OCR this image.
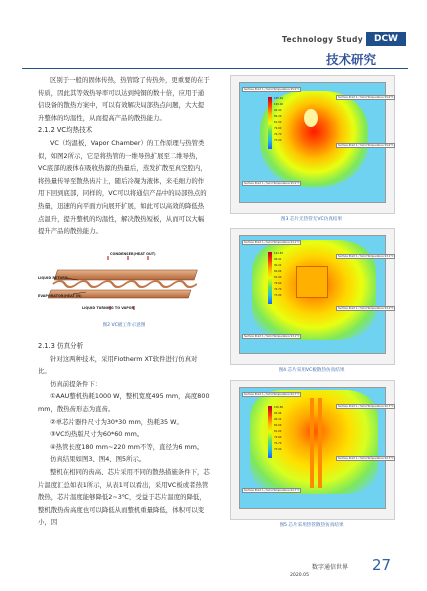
Technology Study	DCW
技术研究

区别于一般的固体传热，热管除了传热外，更重要的在于传质，因此其等效热导率可以达到纯铜的数十倍，应用于通信设备的散热方案中，可以有效解决局部热点问题，大大提升整体的均温性，从而提高产品的散热能力。

2.1.2 VC均热技术

VC（均温板，Vapor Chamber）的工作原理与热管类似，如图2所示，它是将热管的一维导热扩展至二维导热，VC底部的液体在吸收热源的热量后，蒸发扩散至真空腔内，将热量传导至散热齿片上，随后冷凝为液体，来毛细力的作用下回到底部，同样的，VC可以将通信产品中的局部热点的热量，迅速的向平面方向展开扩展，如此可以高效的降低热点温升，提升整机的均温性，解决散热短板，从而可以大幅提升产品的散热能力。

CONDENSER(HEAT OUT)
LIQUID RETURN
EVAPORATOR(HEAT IN)
LIQUID TURNING TO VAPOR
图2 VC板工作示意图

2.1.3 仿真分析

针对这两种技术，采用Flotherm XT软件进行仿真对比。

仿真前提条件下：

①AAU整机热耗1000 W，整机宽度495 mm，高度800 mm，散热齿形态为直齿。

②单芯片器件尺寸为30*30 mm，热耗35 W。

③VC均热版尺寸为60*60 mm。

④热管长度180 mm~220 mm不等，直径为6 mm。

仿真结果如图3、图4、图5所示。

整机在相同的齿高、芯片采用不同的散热措施条件下，芯片温度汇总如表1所示，从表1可以看出，采用VC板或者热管散热，芯片温度能够降低2~3℃，受益于芯片温度的降低，整机散热齿高度也可以降低从而整机重量降低，体积可以变小，因

105.94
100.00
94.40
86.29
81.00
79.60
76.70
75.00
Surface Point 1 / Solid Temperature 95.0°C
Surface Point 1 / Solid Temperature 95.0°C
Surface Point 1 / Solid Temperature 95.0°C
Surface Point 1 / Solid Temperature 95.0°C
图3 芯片无热管无VC仿真结果
101.83
96.91
90.22
84.69
81.00
79.60
76.70
75.00
Surface Point 1 / Solid Temperature 93.1°C
Surface Point 1 / Solid Temperature 93.1°C
Surface Point 1 / Solid Temperature 93.1°C
Surface Point 1 / Solid Temperature 93.1°C
图4 芯片采用VC板散热仿真结果
100.80
95.96
90.22
84.69
81.00
79.60
76.70
75.00
Surface Point 1 / Solid Temperature 92.7°C
Surface Point 1 / Solid Temperature 92.7°C
Surface Point 1 / Solid Temperature 92.7°C
Surface Point 1 / Solid Temperature 92.7°C
图5 芯片采用热管散热仿真结果
数字通信世界
2020.05
27
